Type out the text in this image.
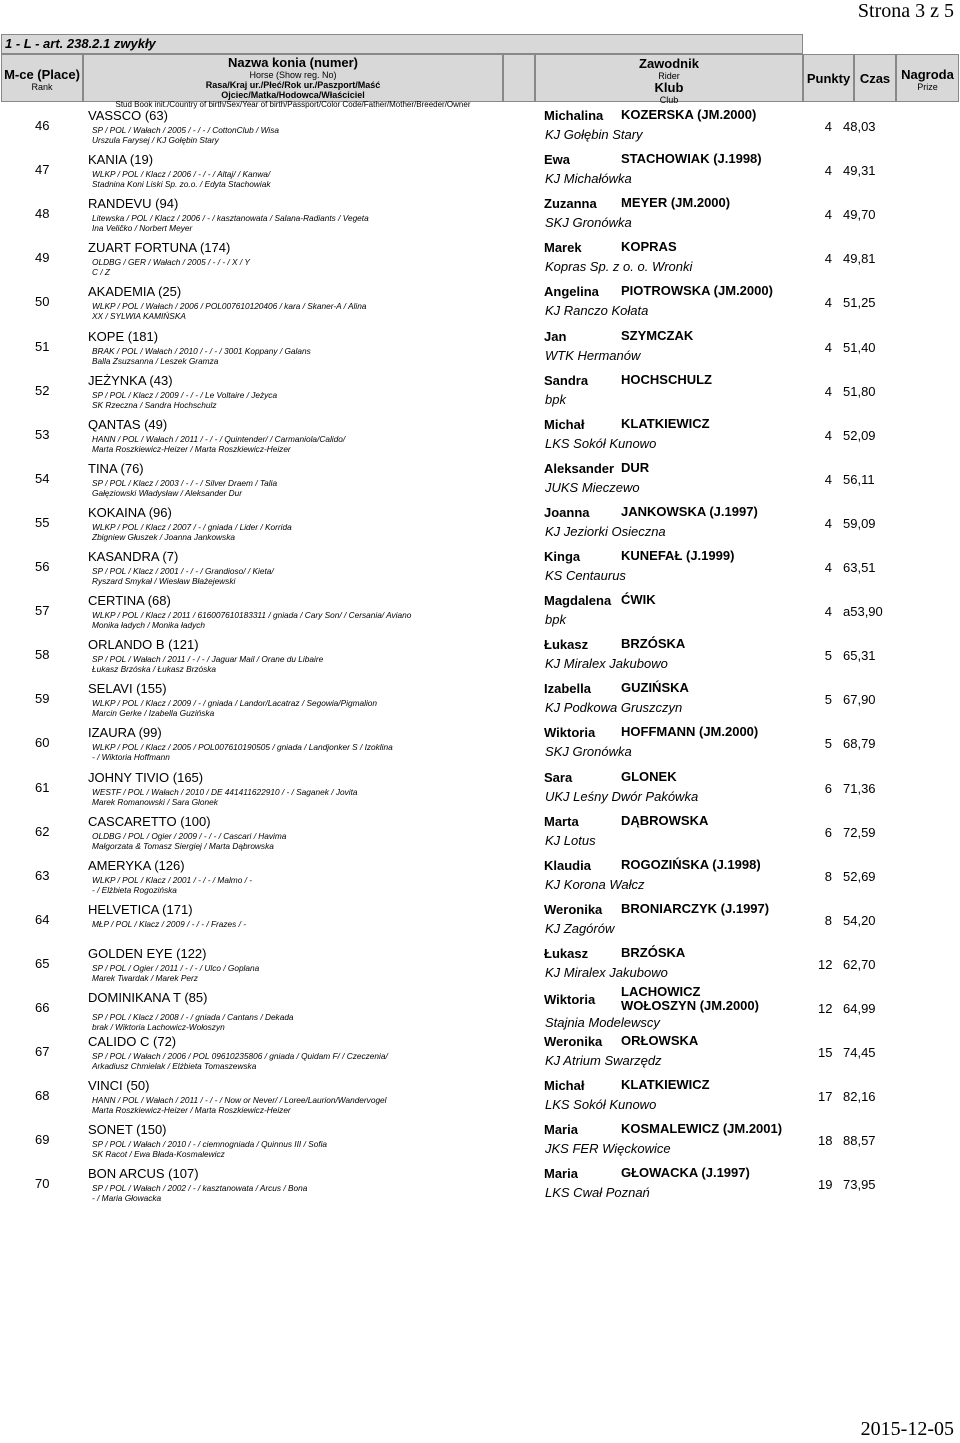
Strona 3 z 5
1 - L - art. 238.2.1 zwykły
M-ce (Place)
Rank
Nazwa konia (numer)
Horse (Show reg. No)
Rasa/Kraj ur./Płeć/Rok ur./Paszport/Maść
Ojciec/Matka/Hodowca/Właściciel
Stud Book init./Country of birth/Sex/Year of birth/Passport/Color Code/Father/Mother/Breeder/Owner
Zawodnik
Rider
Klub
Club
Punkty Czas Nagroda
Prize
46
VASSCO (63)
SP / POL / Wałach / 2005 / - / - / CottonClub / Wisa
Urszula Farysej / KJ Gołębin Stary
Michalina KOZERSKA (JM.2000)
KJ Gołębin Stary
4 48,03
47
KANIA (19)
WLKP / POL / Klacz / 2006 / - / - / Altaj/ / Kanwa/
Stadnina Koni Liski Sp. zo.o. / Edyta Stachowiak
Ewa	STACHOWIAK (J.1998)
KJ Michałówka
4 49,31
48
RANDEVU (94)
Litewska / POL / Klacz / 2006 / - / kasztanowata / Salana-Radiants / Vegeta
Ina Veličko / Norbert Meyer
Zuzanna MEYER (JM.2000)
SKJ Gronówka
4 49,70
49
ZUART FORTUNA (174)
OLDBG / GER / Wałach / 2005 / - / - / X / Y
C / Z
Marek	KOPRAS
Kopras Sp. z o. o. Wronki
4 49,81
50
AKADEMIA (25)
WLKP / POL / Wałach / 2006 / POL007610120406 / kara / Skaner-A / Alina
XX / SYLWIA KAMIŃSKA
Angelina PIOTROWSKA (JM.2000)
KJ Ranczo Kołata
4 51,25
51
KOPE (181)
BRAK / POL / Wałach / 2010 / - / - / 3001 Koppany / Galans
Balla Zsuzsanna / Leszek Gramza
Jan	SZYMCZAK
WTK Hermanów
4 51,40
52
JEŻYNKA (43)
SP / POL / Klacz / 2009 / - / - / Le Voltaire / Jeżyca
SK Rzeczna / Sandra Hochschulz
Sandra	HOCHSCHULZ
bpk
4 51,80
53
QANTAS (49)
HANN / POL / Wałach / 2011 / - / - / Quintender/ / Carmaniola/Calido/
Marta Roszkiewicz-Heizer / Marta Roszkiewicz-Heizer
Michał	KLATKIEWICZ
LKS Sokół Kunowo
4 52,09
54
TINA (76)
SP / POL / Klacz / 2003 / - / - / Silver Draem / Talia
Gałęziowski Władysław / Aleksander Dur
Aleksander DUR
JUKS Mieczewo
4 56,11
55
KOKAINA (96)
WLKP / POL / Klacz / 2007 / - / gniada / Lider / Korrida
Zbigniew Głuszek / Joanna Jankowska
Joanna JANKOWSKA (J.1997)
KJ Jeziorki Osieczna
4 59,09
56
KASANDRA (7)
SP / POL / Klacz / 2001 / - / - / Grandioso/ / Kieta/
Ryszard Smykał / Wiesław Błażejewski
Kinga	KUNEFAŁ (J.1999)
KS Centaurus
4 63,51
57
CERTINA (68)
WLKP / POL / Klacz / 2011 / 616007610183311 / gniada / Cary Son/ / Cersania/ Aviano
Monika ładych / Monika ładych
Magdalena ĆWIK
bpk
4 a53,90
58
ORLANDO B (121)
SP / POL / Wałach / 2011 / - / - / Jaguar Mail / Orane du Libaire
Łukasz Brzóska / Łukasz Brzóska
Łukasz	BRZÓSKA
KJ Miralex Jakubowo
5 65,31
59
SELAVI (155)
WLKP / POL / Klacz / 2009 / - / gniada / Landor/Lacatraz / Segowia/Pigmalion
Marcin Gerke / Izabella Guzińska
Izabella GUZIŃSKA
KJ Podkowa Gruszczyn
5 67,90
60
IZAURA (99)
WLKP / POL / Klacz / 2005 / POL007610190505 / gniada / Landjonker S / Izoklina
- / Wiktoria Hoffmann
Wiktoria HOFFMANN (JM.2000)
SKJ Gronówka
5 68,79
61
JOHNY TIVIO (165)
WESTF / POL / Wałach / 2010 / DE 441411622910 / - / Saganek / Jovita
Marek Romanowski / Sara Glonek
Sara	GLONEK
UKJ Leśny Dwór Pakówka
6 71,36
62
CASCARETTO (100)
OLDBG / POL / Ogier / 2009 / - / - / Cascari / Havima
Małgorzata & Tomasz Siergiej / Marta Dąbrowska
Marta	DĄBROWSKA
KJ Lotus
6 72,59
63
AMERYKA (126)
WLKP / POL / Klacz / 2001 / - / - / Malmo / -
- / Elżbieta Rogozińska
Klaudia ROGOZIŃSKA (J.1998)
KJ Korona Wałcz
8 52,69
64
HELVETICA (171)
MŁP / POL / Klacz / 2009 / - / - / Frazes / -
Weronika BRONIARCZYK (J.1997)
KJ Zagórów
8 54,20
65
GOLDEN EYE (122)
SP / POL / Ogier / 2011 / - / - / Ulco / Goplana
Marek Twardak / Marek Perz
Łukasz	BRZÓSKA
KJ Miralex Jakubowo
12 62,70
66
DOMINIKANA T (85)
SP / POL / Klacz / 2008 / - / gniada / Cantans / Dekada
brak / Wiktoria Lachowicz-Wołoszyn
Wiktoria
LACHOWICZ WOŁOSZYN (JM.2000)
Stajnia Modelewscy
12 64,99
67
CALIDO C (72)
SP / POL / Wałach / 2006 / POL 09610235806 / gniada / Quidam F/ / Czeczenia/
Arkadiusz Chmielak / Elżbieta Tomaszewska
Weronika ORŁOWSKA
KJ Atrium Swarzędz
15 74,45
68
VINCI (50)
HANN / POL / Wałach / 2011 / - / - / Now or Never/ / Loree/Laurion/Wandervogel
Marta Roszkiewicz-Heizer / Marta Roszkiewicz-Heizer
Michał	KLATKIEWICZ
LKS Sokół Kunowo
17 82,16
69
SONET (150)
SP / POL / Wałach / 2010 / - / ciemnogniada / Quinnus III / Sofia
SK Racot / Ewa Błada-Kosmalewicz
Maria	KOSMALEWICZ (JM.2001)
JKS FER Więckowice
18 88,57
70
BON ARCUS (107)
SP / POL / Wałach / 2002 / - / kasztanowata / Arcus / Bona
- / Maria Głowacka
Maria	GŁOWACKA (J.1997)
LKS Cwał Poznań
19 73,95
2015-12-05
